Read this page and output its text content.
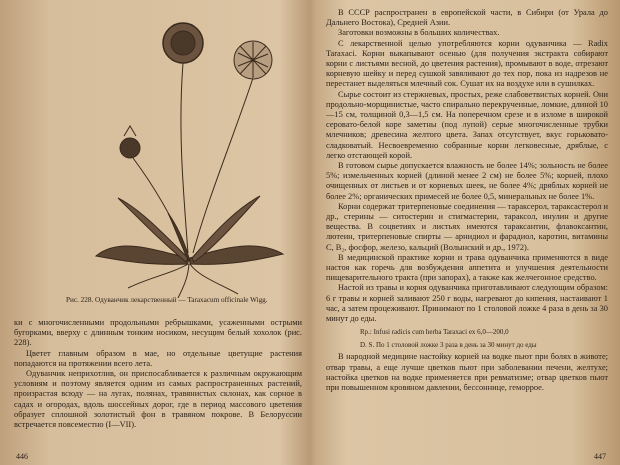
Рис. 228. Одуванчик лекарственный — Taraxacum officinale Wigg.

ки с многочисленными продольными ребрышками, усаженными острыми бугорками, вверху с длинным тонким носиком, несущим белый хохолок (рис. 228).

Цветет главным образом в мае, но отдельные цветущие растения попадаются на протяжении всего лета.

Одуванчик неприхотлив, он приспосабливается к различным окружающим условиям и поэтому является одним из самых распространенных растений, произрастая всюду — на лугах, полянах, травянистых склонах, как сорное в садах и огородах, вдоль шоссейных дорог, где в период массового цветения образует сплошной золотистый фон в травяном покрове. В Белоруссии встречается повсеместно (I—VII).

446

В СССР распространен в европейской части, в Сибири (от Урала до Дальнего Востока), Средней Азии.

Заготовки возможны в больших количествах.

С лекарственной целью употребляются корни одуванчика — Radix Taraxaci. Корни выкапывают осенью (для получения экстракта собирают корни с листьями весной, до цветения растения), промывают в воде, отрезают корневую шейку и перед сушкой завяливают до тех пор, пока из надрезов не перестанет выделяться млечный сок. Сушат их на воздухе или в сушилках.

Сырье состоит из стержневых, простых, реже слабоветвистых корней. Они продольно-морщинистые, часто спирально перекрученные, ломкие, длиной 10—15 см, толщиной 0,3—1,5 см. На поперечном срезе и в изломе в широкой серовато-белой коре заметны (под лупой) серые многочисленные трубки млечников; древесина желтого цвета. Запах отсутствует, вкус горьковато-сладковатый. Несвоевременно собранные корни легковесные, дряблые, с легко отстающей корой.

В готовом сырье допускается влажность не более 14%; зольность не более 5%; измельченных корней (длиной менее 2 см) не более 5%; корней, плохо очищенных от листьев и от корневых шеек, не более 4%; дряблых корней не более 2%; органических примесей не более 0,5, минеральных не более 1%.

Корни содержат тритерпеновые соединения — тараксерол, тараксастерол и др., стерины — ситостерин и стигмастерин, тараксол, инулин и другие вещества. В соцветиях и листьях имеются тараксантин, флавоксантин, лютеин, тритерпеновые спирты — арнидиол и фарадиол, каротин, витамины С, В₂, фосфор, железо, кальций (Волынский и др., 1972).

В медицинской практике корни и трава одуванчика применяются в виде настоя как горечь для возбуждения аппетита и улучшения деятельности пищеварительного тракта (при запорах), а также как желчегонное средство.

Настой из травы и корня одуванчика приготавливают следующим образом: 6 г травы и корней заливают 250 г воды, нагревают до кипения, настаивают 1 час, а затем процеживают. Принимают по 1 столовой ложке 4 раза в день за 30 минут до еды.

Rp.: Infusi radicis cum herba Taraxaci ex 6,0—200,0
D. S. По 1 столовой ложке 3 раза в день за 30 минут до еды

В народной медицине настойку корней на водке пьют при болях в животе; отвар травы, а еще лучше цветков пьют при заболевании печени, желтухе; настойка цветков на водке применяется при ревматизме; отвар цветков пьют при повышенном кровяном давлении, бессоннице, геморрое.

447
